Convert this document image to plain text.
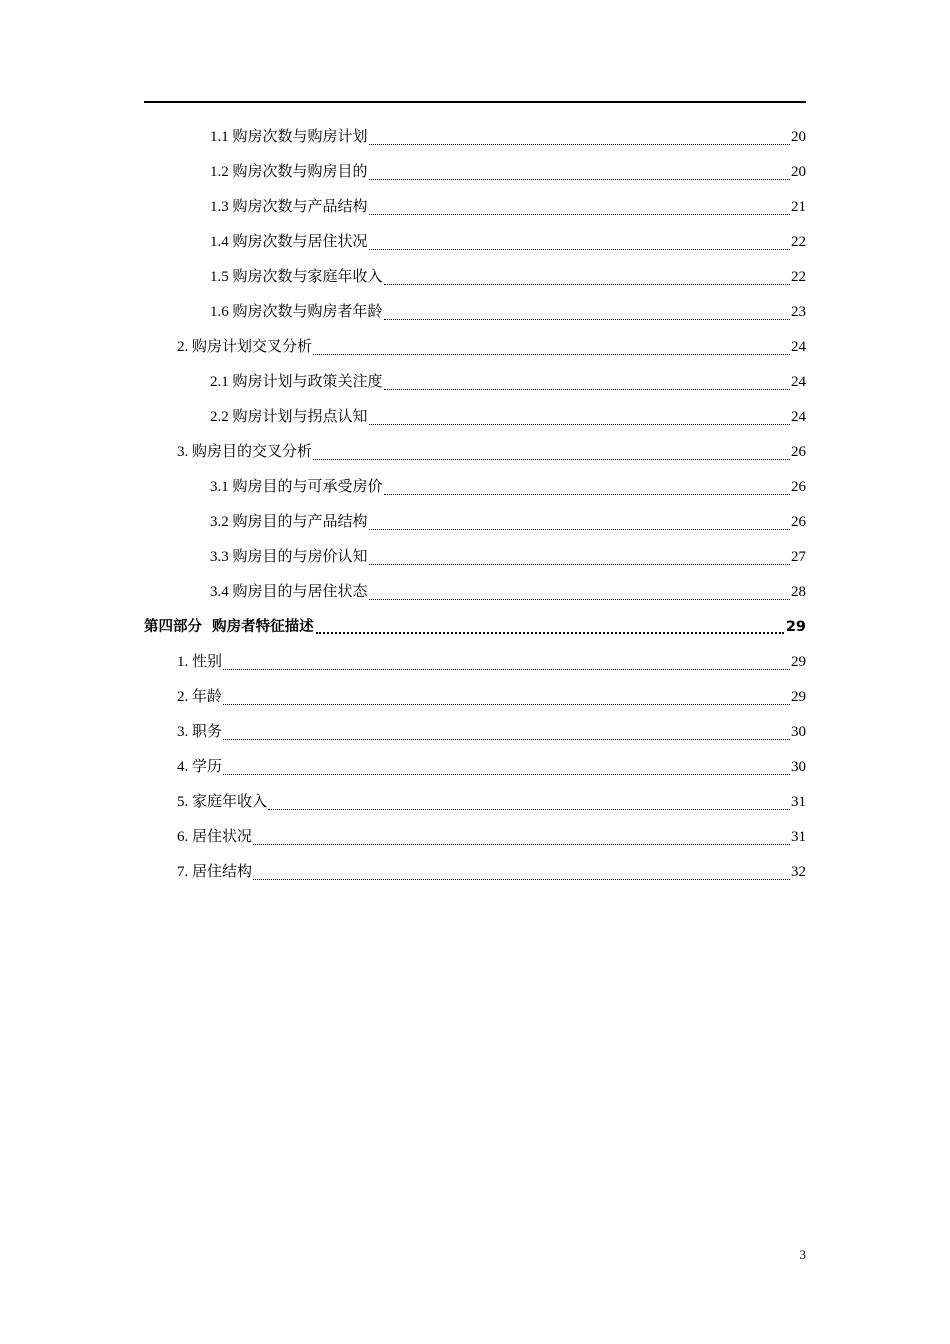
1.1 购房次数与购房计划	20
1.2 购房次数与购房目的	20
1.3 购房次数与产品结构	21
1.4 购房次数与居住状况	22
1.5 购房次数与家庭年收入	22
1.6 购房次数与购房者年龄	23
2. 购房计划交叉分析	24
2.1 购房计划与政策关注度	24
2.2 购房计划与拐点认知	24
3. 购房目的交叉分析	26
3.1 购房目的与可承受房价	26
3.2 购房目的与产品结构	26
3.3 购房目的与房价认知	27
3.4 购房目的与居住状态	28
第四部分  购房者特征描述	29
1. 性别	29
2. 年龄	29
3. 职务	30
4. 学历	30
5. 家庭年收入	31
6. 居住状况	31
7. 居住结构	32
3
